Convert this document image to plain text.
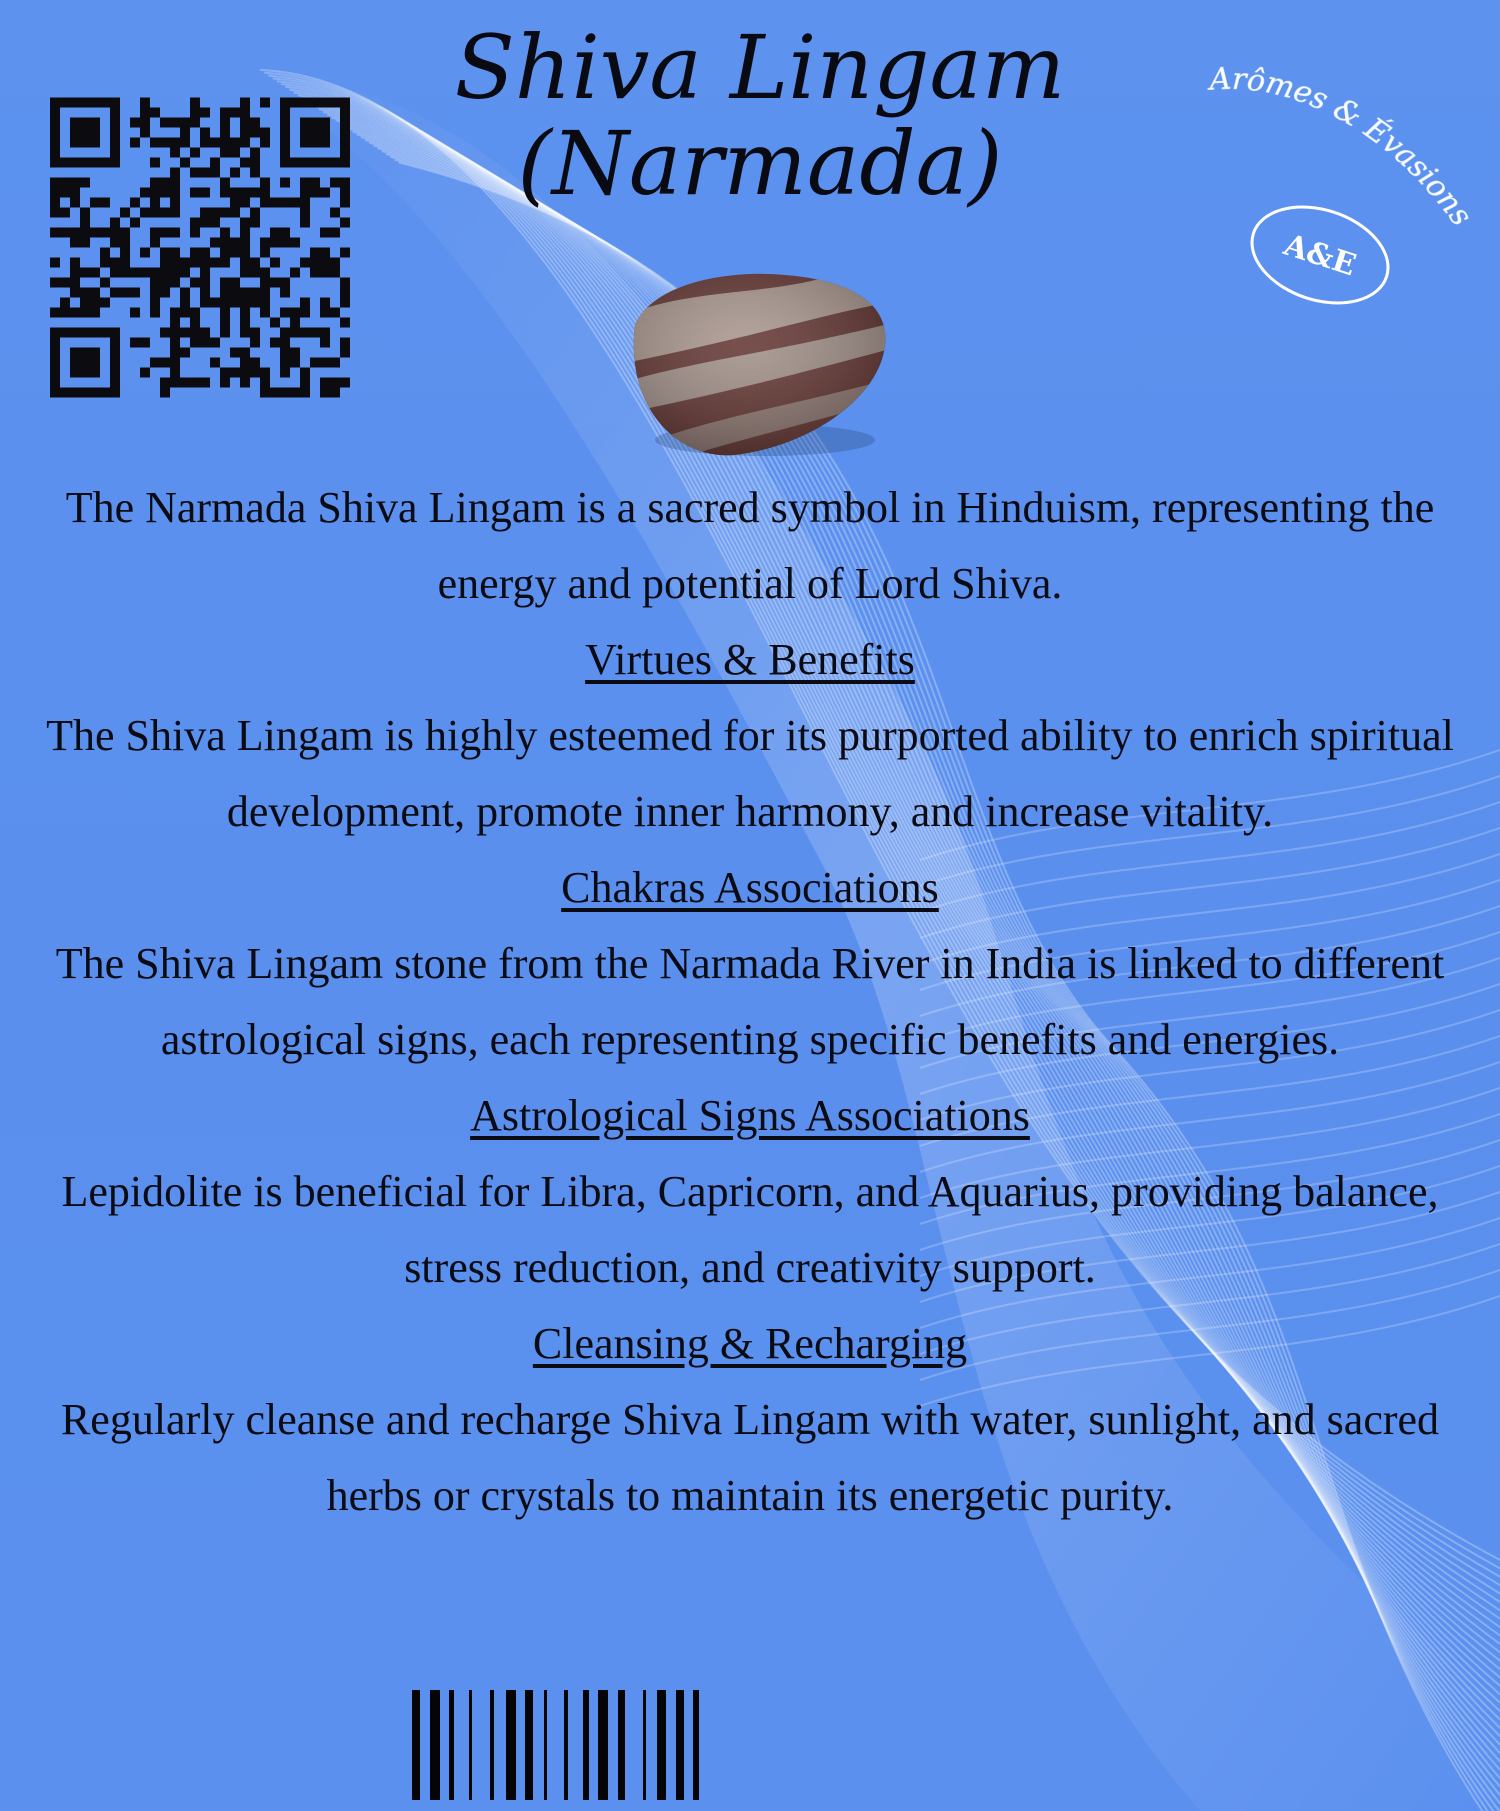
Shiva Lingam
(Narmada)
Arômes & Évasions
A&E

The Narmada Shiva Lingam is a sacred symbol in Hinduism, representing the energy and potential of Lord Shiva.

Virtues & Benefits

The Shiva Lingam is highly esteemed for its purported ability to enrich spiritual development, promote inner harmony, and increase vitality.

Chakras Associations

The Shiva Lingam stone from the Narmada River in India is linked to different astrological signs, each representing specific benefits and energies.

Astrological Signs Associations

Lepidolite is beneficial for Libra, Capricorn, and Aquarius, providing balance, stress reduction, and creativity support.

Cleansing & Recharging

Regularly cleanse and recharge Shiva Lingam with water, sunlight, and sacred herbs or crystals to maintain its energetic purity.
